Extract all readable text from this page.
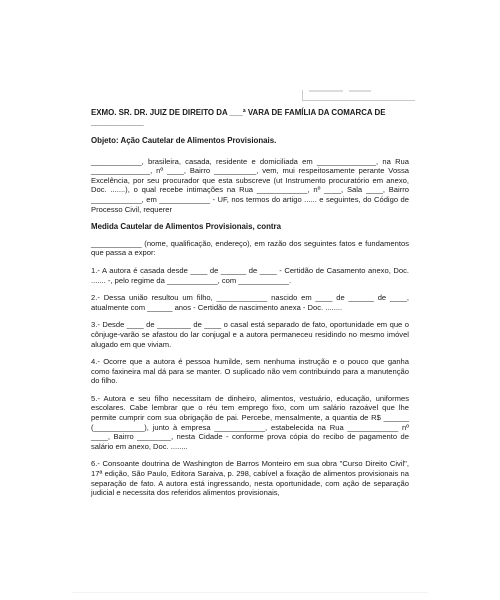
EXMO. SR. DR. JUIZ DE DIREITO DA ___ª VARA DE FAMÍLIA DA COMARCA DE

____________

Objeto: Ação Cautelar de Alimentos Provisionais.

____________, brasileira, casada, residente e domiciliada em ______________, na Rua ______________, nº ____, Bairro __________, vem, mui respeitosamente perante Vossa Excelência, por seu procurador que esta subscreve (ut Instrumento procuratório em anexo, Doc. .......), o qual recebe intimações na Rua ____________, nº ____, Sala ____, Bairro ____________, em ____________ - UF, nos termos do artigo ...... e seguintes, do Código de Processo Civil, requerer

Medida Cautelar de Alimentos Provisionais, contra

____________ (nome, qualificação, endereço), em razão dos seguintes fatos e fundamentos que passa a expor:

1.- A autora é casada desde ____ de ______ de ____ - Certidão de Casamento anexo, Doc. ....... -, pelo regime da ____________, com ____________.

2.- Dessa união resultou um filho, ____________ nascido em ____ de ______ de ____, atualmente com ______ anos - Certidão de nascimento anexa - Doc. ........

3.- Desde ____ de ________ de ____ o casal está separado de fato, oportunidade em que o cônjuge-varão se afastou do lar conjugal e a autora permaneceu residindo no mesmo imóvel alugado em que viviam.

4.- Ocorre que a autora é pessoa humilde, sem nenhuma instrução e o pouco que ganha como faxineira mal dá para se manter. O suplicado não vem contribuindo para a manutenção do filho.

5.- Autora e seu filho necessitam de dinheiro, alimentos, vestuário, educação, uniformes escolares. Cabe lembrar que o réu tem emprego fixo, com um salário razoável que lhe permite cumprir com sua obrigação de pai. Percebe, mensalmente, a quantia de R$ ______ (____________), junto à empresa ____________, estabelecida na Rua ____________ nº ____, Bairro ________, nesta Cidade - conforme prova cópia do recibo de pagamento de salário em anexo, Doc. ........

6.- Consoante doutrina de Washington de Barros Monteiro em sua obra "Curso Direito Civil", 17ª edição, São Paulo, Editora Saraiva, p. 298, cabível a fixação de alimentos provisionais na separação de fato. A autora está ingressando, nesta oportunidade, com ação de separação judicial e necessita dos referidos alimentos provisionais,
